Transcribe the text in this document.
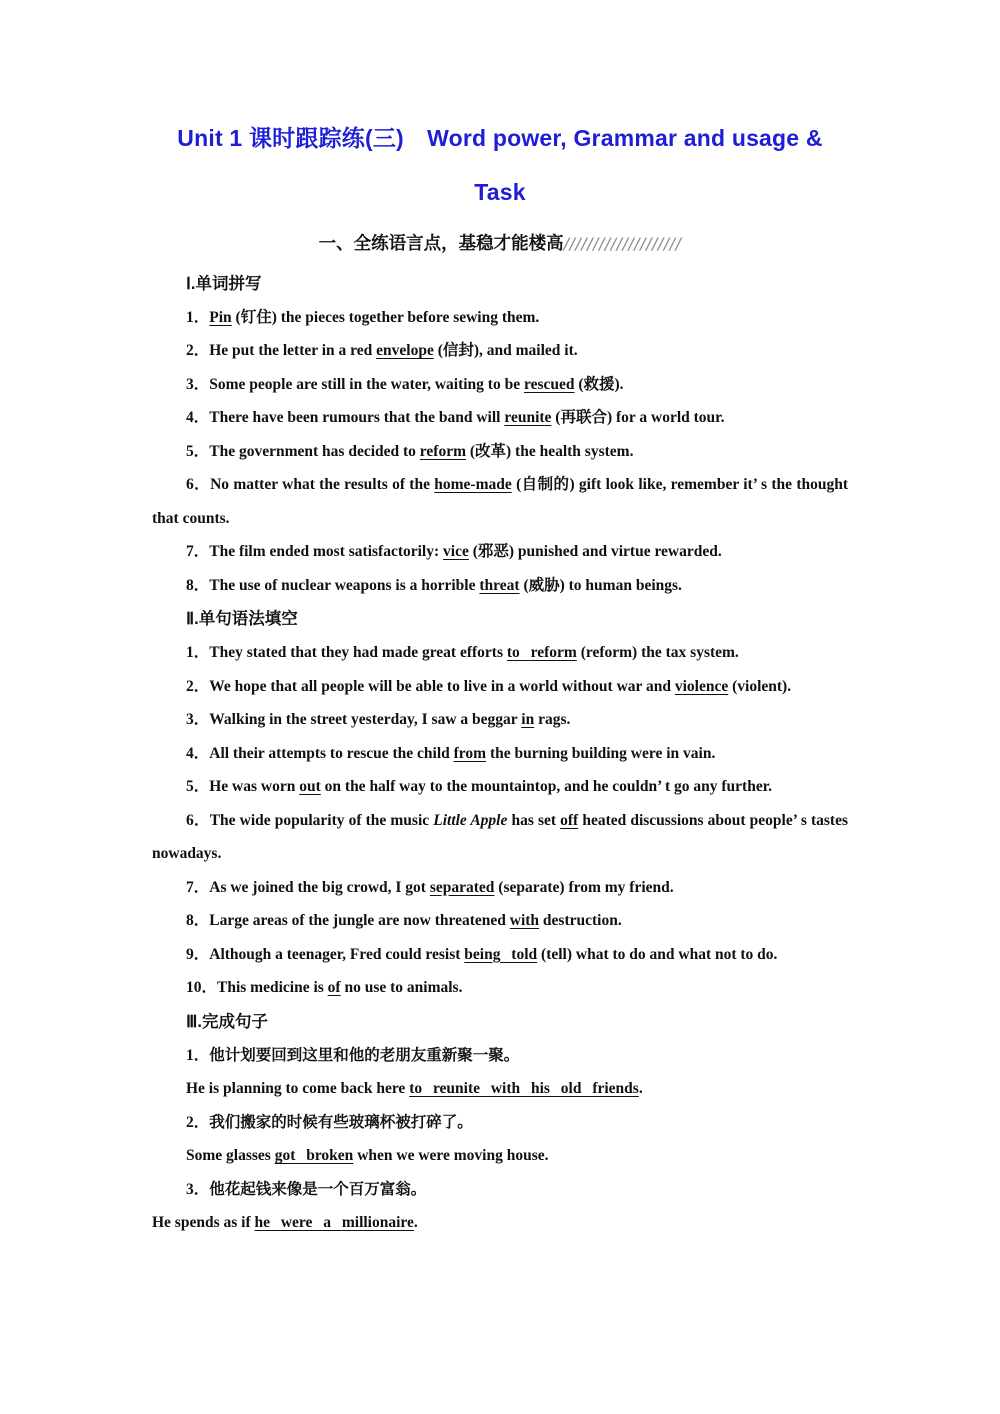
Unit 1 课时跟踪练(三)　Word power, Grammar and usage &
Task
一、全练语言点，基稳才能楼高////////////////////
Ⅰ.单词拼写

1．Pin (钉住) the pieces together before sewing them.

2．He put the letter in a red envelope (信封), and mailed it.

3．Some people are still in the water, waiting to be rescued (救援).

4．There have been rumours that the band will reunite (再联合) for a world tour.

5．The government has decided to reform (改革) the health system.

6．No matter what the results of the home-made (自制的) gift look like, remember it’ s the thought that counts.

7．The film ended most satisfactorily: vice (邪恶) punished and virtue rewarded.

8．The use of nuclear weapons is a horrible threat (威胁) to human beings.

Ⅱ.单句语法填空

1．They stated that they had made great efforts to reform (reform) the tax system.

2．We hope that all people will be able to live in a world without war and violence (violent).

3．Walking in the street yesterday, I saw a beggar in rags.

4．All their attempts to rescue the child from the burning building were in vain.

5．He was worn out on the half way to the mountaintop, and he couldn’ t go any further.

6．The wide popularity of the music Little Apple has set off heated discussions about people’ s tastes nowadays.

7．As we joined the big crowd, I got separated (separate) from my friend.

8．Large areas of the jungle are now threatened with destruction.

9．Although a teenager, Fred could resist being told (tell) what to do and what not to do.

10．This medicine is of no use to animals.

Ⅲ.完成句子

1．他计划要回到这里和他的老朋友重新聚一聚。

He is planning to come back here to reunite with his old friends.

2．我们搬家的时候有些玻璃杯被打碎了。

Some glasses got broken when we were moving house.

3．他花起钱来像是一个百万富翁。

He spends as if he were a millionaire.
